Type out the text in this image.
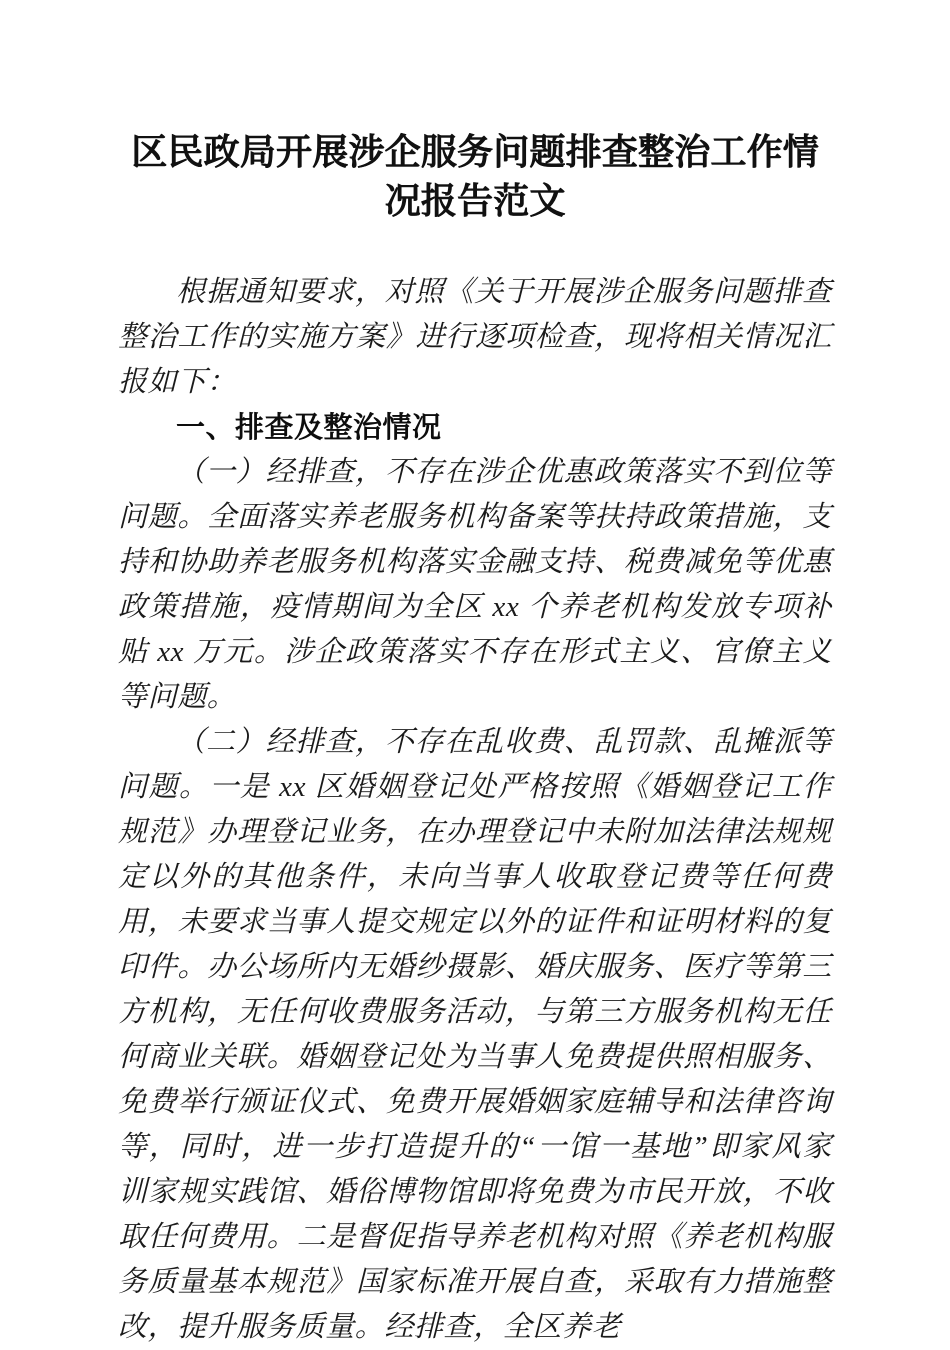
区民政局开展涉企服务问题排查整治工作情况报告范文

根据通知要求，对照《关于开展涉企服务问题排查整治工作的实施方案》进行逐项检查，现将相关情况汇报如下：

一、排查及整治情况

（一）经排查，不存在涉企优惠政策落实不到位等问题。全面落实养老服务机构备案等扶持政策措施，支持和协助养老服务机构落实金融支持、税费减免等优惠政策措施，疫情期间为全区 xx 个养老机构发放专项补贴 xx 万元。涉企政策落实不存在形式主义、官僚主义等问题。

（二）经排查，不存在乱收费、乱罚款、乱摊派等问题。一是 xx 区婚姻登记处严格按照《婚姻登记工作规范》办理登记业务，在办理登记中未附加法律法规规定以外的其他条件，未向当事人收取登记费等任何费用，未要求当事人提交规定以外的证件和证明材料的复印件。办公场所内无婚纱摄影、婚庆服务、医疗等第三方机构，无任何收费服务活动，与第三方服务机构无任何商业关联。婚姻登记处为当事人免费提供照相服务、免费举行颁证仪式、免费开展婚姻家庭辅导和法律咨询等，同时，进一步打造提升的“一馆一基地”即家风家训家规实践馆、婚俗博物馆即将免费为市民开放，不收取任何费用。二是督促指导养老机构对照《养老机构服务质量基本规范》国家标准开展自查，采取有力措施整改，提升服务质量。经排查，全区养老
